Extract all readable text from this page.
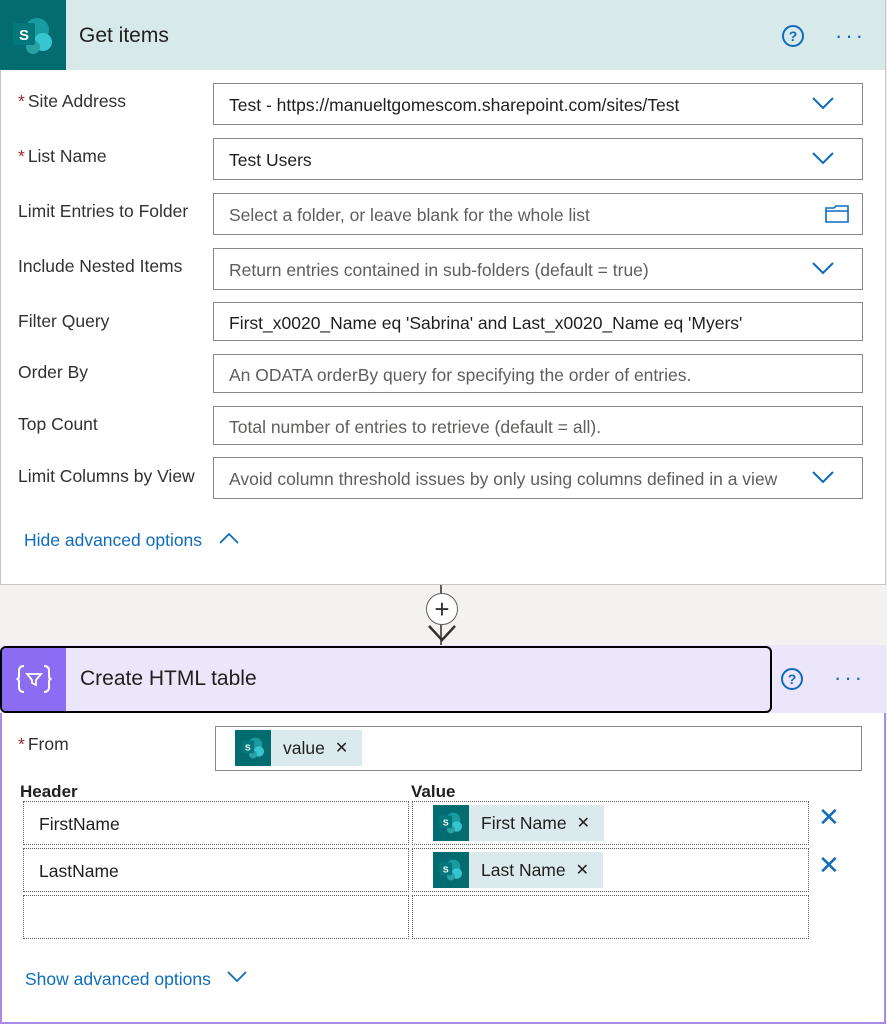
S Get items	?	···
* Site Address	Test - https://manueltgomescom.sharepoint.com/sites/Test
* List Name	Test Users
Limit Entries to Folder Select a folder, or leave blank for the whole list
Include Nested Items	Return entries contained in sub-folders (default = true)
Filter Query	First_x0020_Name eq 'Sabrina' and Last_x0020_Name eq 'Myers'
Order By	An ODATA orderBy query for specifying the order of entries.
Top Count	Total number of entries to retrieve (default = all).
Limit Columns by View Avoid column threshold issues by only using columns defined in a view
Hide advanced options
+
Create HTML table	?	···
* From	S value ✕
Header	Value
FirstName	S First Name ✕	✕
LastName	S Last Name ✕	✕
Show advanced options
